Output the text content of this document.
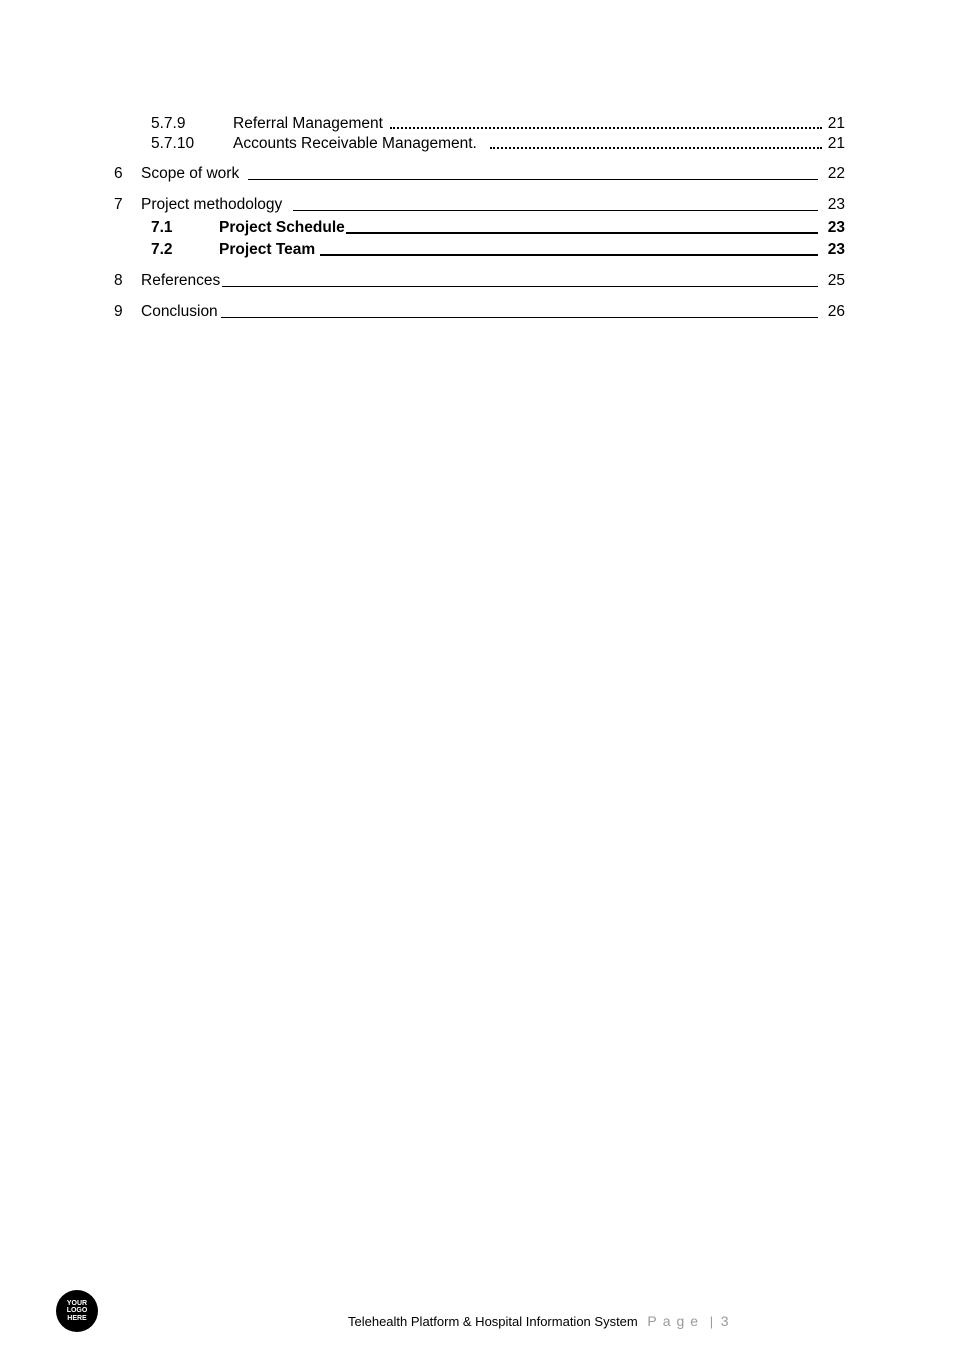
5.7.9	Referral Management	21
5.7.10	Accounts Receivable Management.	21
6 Scope of work	22
7 Project methodology	23
7.1	Project Schedule	23
7.2	Project Team	23
8 References	25
9 Conclusion	26
YOUR
LOGO
HERE	Telehealth Platform & Hospital Information System Page | 3
